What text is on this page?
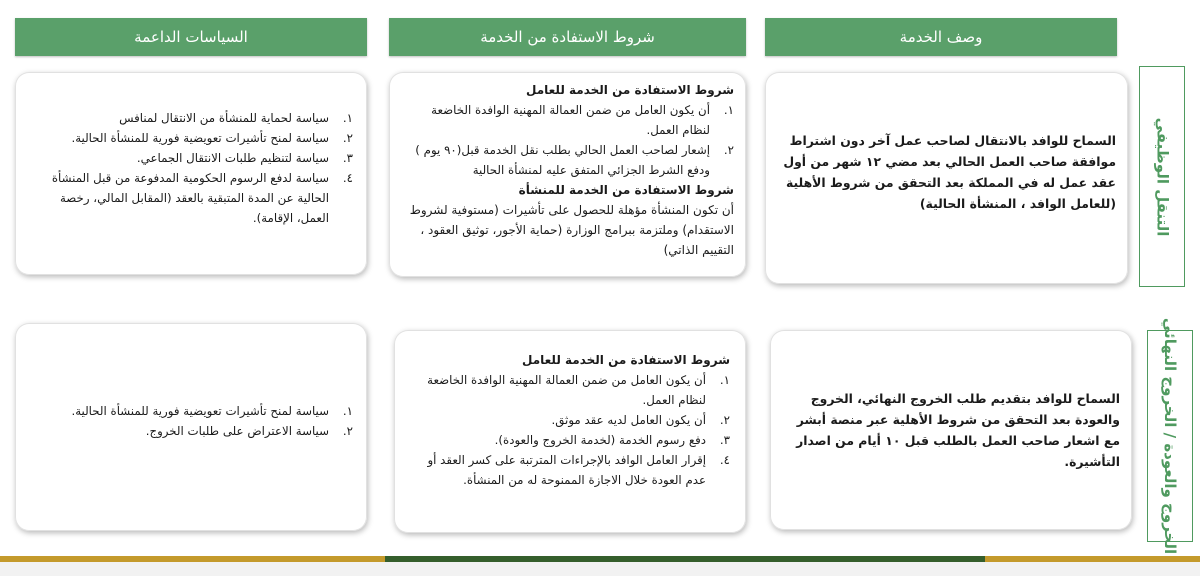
وصف الخدمة
شروط الاستفادة من الخدمة
السياسات الداعمة
التنقل الوظيفي
السماح للوافد بالانتقال لصاحب عمل آخر دون اشتراط موافقة صاحب العمل الحالي بعد مضي ١٢ شهر من أول عقد عمل له في المملكة بعد التحقق من شروط الأهلية (للعامل الوافد ، المنشأة الحالية)
شروط الاستفادة من الخدمة للعامل
١.
أن يكون العامل من ضمن العمالة المهنية الوافدة الخاضعة لنظام العمل.
٢.
إشعار لصاحب العمل الحالي بطلب نقل الخدمة قبل(٩٠ يوم ) ودفع الشرط الجزائي المتفق عليه لمنشأة الحالية
شروط الاستفادة من الخدمة للمنشأة
أن تكون المنشأة مؤهلة للحصول على تأشيرات (مستوفية لشروط الاستقدام) وملتزمة ببرامج الوزارة (حماية الأجور، توثيق العقود ، التقييم الذاتي)
١.
سياسة لحماية للمنشأة من الانتقال لمنافس
٢.
سياسة لمنح تأشيرات تعويضية فورية للمنشأة الحالية.
٣.
سياسة لتنظيم طلبات الانتقال الجماعي.
٤.
سياسة لدفع الرسوم الحكومية المدفوعة من قبل المنشأة الحالية عن المدة المتبقية بالعقد (المقابل المالي، رخصة العمل، الإقامة).
الخروج والعودة / الخروج النهائي
السماح للوافد بتقديم طلب الخروج النهائي، الخروج والعودة بعد التحقق من شروط الأهلية عبر منصة أبشر مع اشعار صاحب العمل بالطلب قبل ١٠ أيام من اصدار التأشيرة.
شروط الاستفادة من الخدمة للعامل
١.
أن يكون العامل من ضمن العمالة المهنية الوافدة الخاضعة لنظام العمل.
٢.
أن يكون العامل لديه عقد موثق.
٣.
دفع رسوم الخدمة (لخدمة الخروج والعودة).
٤.
إقرار العامل الوافد بالإجراءات المترتبة على كسر العقد أو عدم العودة خلال الاجازة الممنوحة له من المنشأة.
١.
سياسة لمنح تأشيرات تعويضية فورية للمنشأة الحالية.
٢.
سياسة الاعتراض على طلبات الخروج.
